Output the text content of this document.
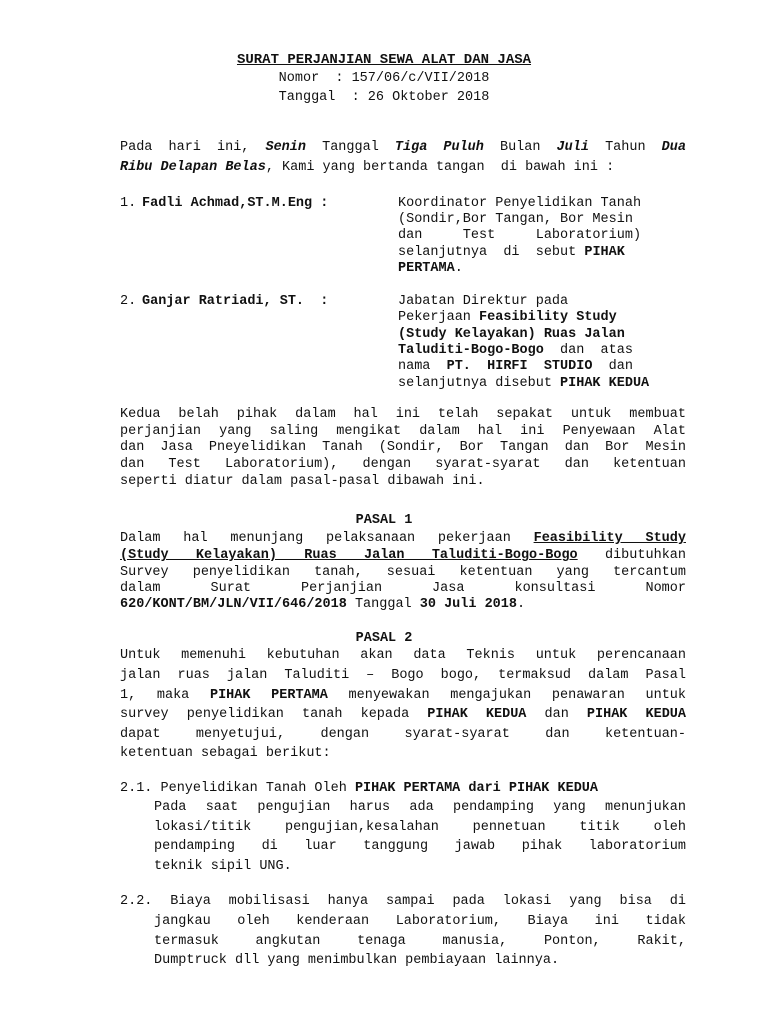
SURAT PERJANJIAN SEWA ALAT DAN JASA
Nomor  : 157/06/c/VII/2018
Tanggal  : 26 Oktober 2018
Pada hari ini, Senin Tanggal Tiga Puluh Bulan Juli Tahun Dua
Ribu Delapan Belas, Kami yang bertanda tangan  di bawah ini :
1. Fadli Achmad,ST.M.Eng :	Koordinator Penyelidikan Tanah
(Sondir,Bor Tangan, Bor Mesin
dan     Test     Laboratorium)
selanjutnya  di  sebut PIHAK
PERTAMA.
2. Ganjar Ratriadi, ST.  :	Jabatan Direktur pada
Pekerjaan Feasibility Study
(Study Kelayakan) Ruas Jalan
Taluditi-Bogo-Bogo  dan  atas
nama  PT.  HIRFI  STUDIO  dan
selanjutnya disebut PIHAK KEDUA
Kedua belah pihak dalam hal ini telah sepakat untuk membuat
perjanjian yang saling mengikat dalam hal ini Penyewaan Alat
dan Jasa Pneyelidikan Tanah (Sondir, Bor Tangan dan Bor Mesin
dan Test Laboratorium), dengan syarat-syarat dan ketentuan
seperti diatur dalam pasal-pasal dibawah ini.
PASAL 1
Dalam hal menunjang pelaksanaan pekerjaan Feasibility Study
(Study Kelayakan) Ruas Jalan Taluditi-Bogo-Bogo dibutuhkan
Survey penyelidikan tanah, sesuai ketentuan yang tercantum
dalam Surat Perjanjian Jasa konsultasi Nomor
620/KONT/BM/JLN/VII/646/2018 Tanggal 30 Juli 2018.
PASAL 2
Untuk memenuhi kebutuhan akan data Teknis untuk perencanaan
jalan ruas jalan Taluditi – Bogo bogo, termaksud dalam Pasal
1, maka PIHAK PERTAMA menyewakan mengajukan penawaran untuk
survey penyelidikan tanah kepada PIHAK KEDUA dan PIHAK KEDUA
dapat menyetujui, dengan syarat-syarat dan ketentuan-
ketentuan sebagai berikut:
2.1. Penyelidikan Tanah Oleh PIHAK PERTAMA dari PIHAK KEDUA
Pada saat pengujian harus ada pendamping yang menunjukan
lokasi/titik pengujian,kesalahan pennetuan titik oleh
pendamping di luar tanggung jawab pihak laboratorium
teknik sipil UNG.
2.2. Biaya mobilisasi hanya sampai pada lokasi yang bisa di
jangkau oleh kenderaan Laboratorium, Biaya ini tidak
termasuk angkutan tenaga manusia, Ponton, Rakit,
Dumptruck dll yang menimbulkan pembiayaan lainnya.
